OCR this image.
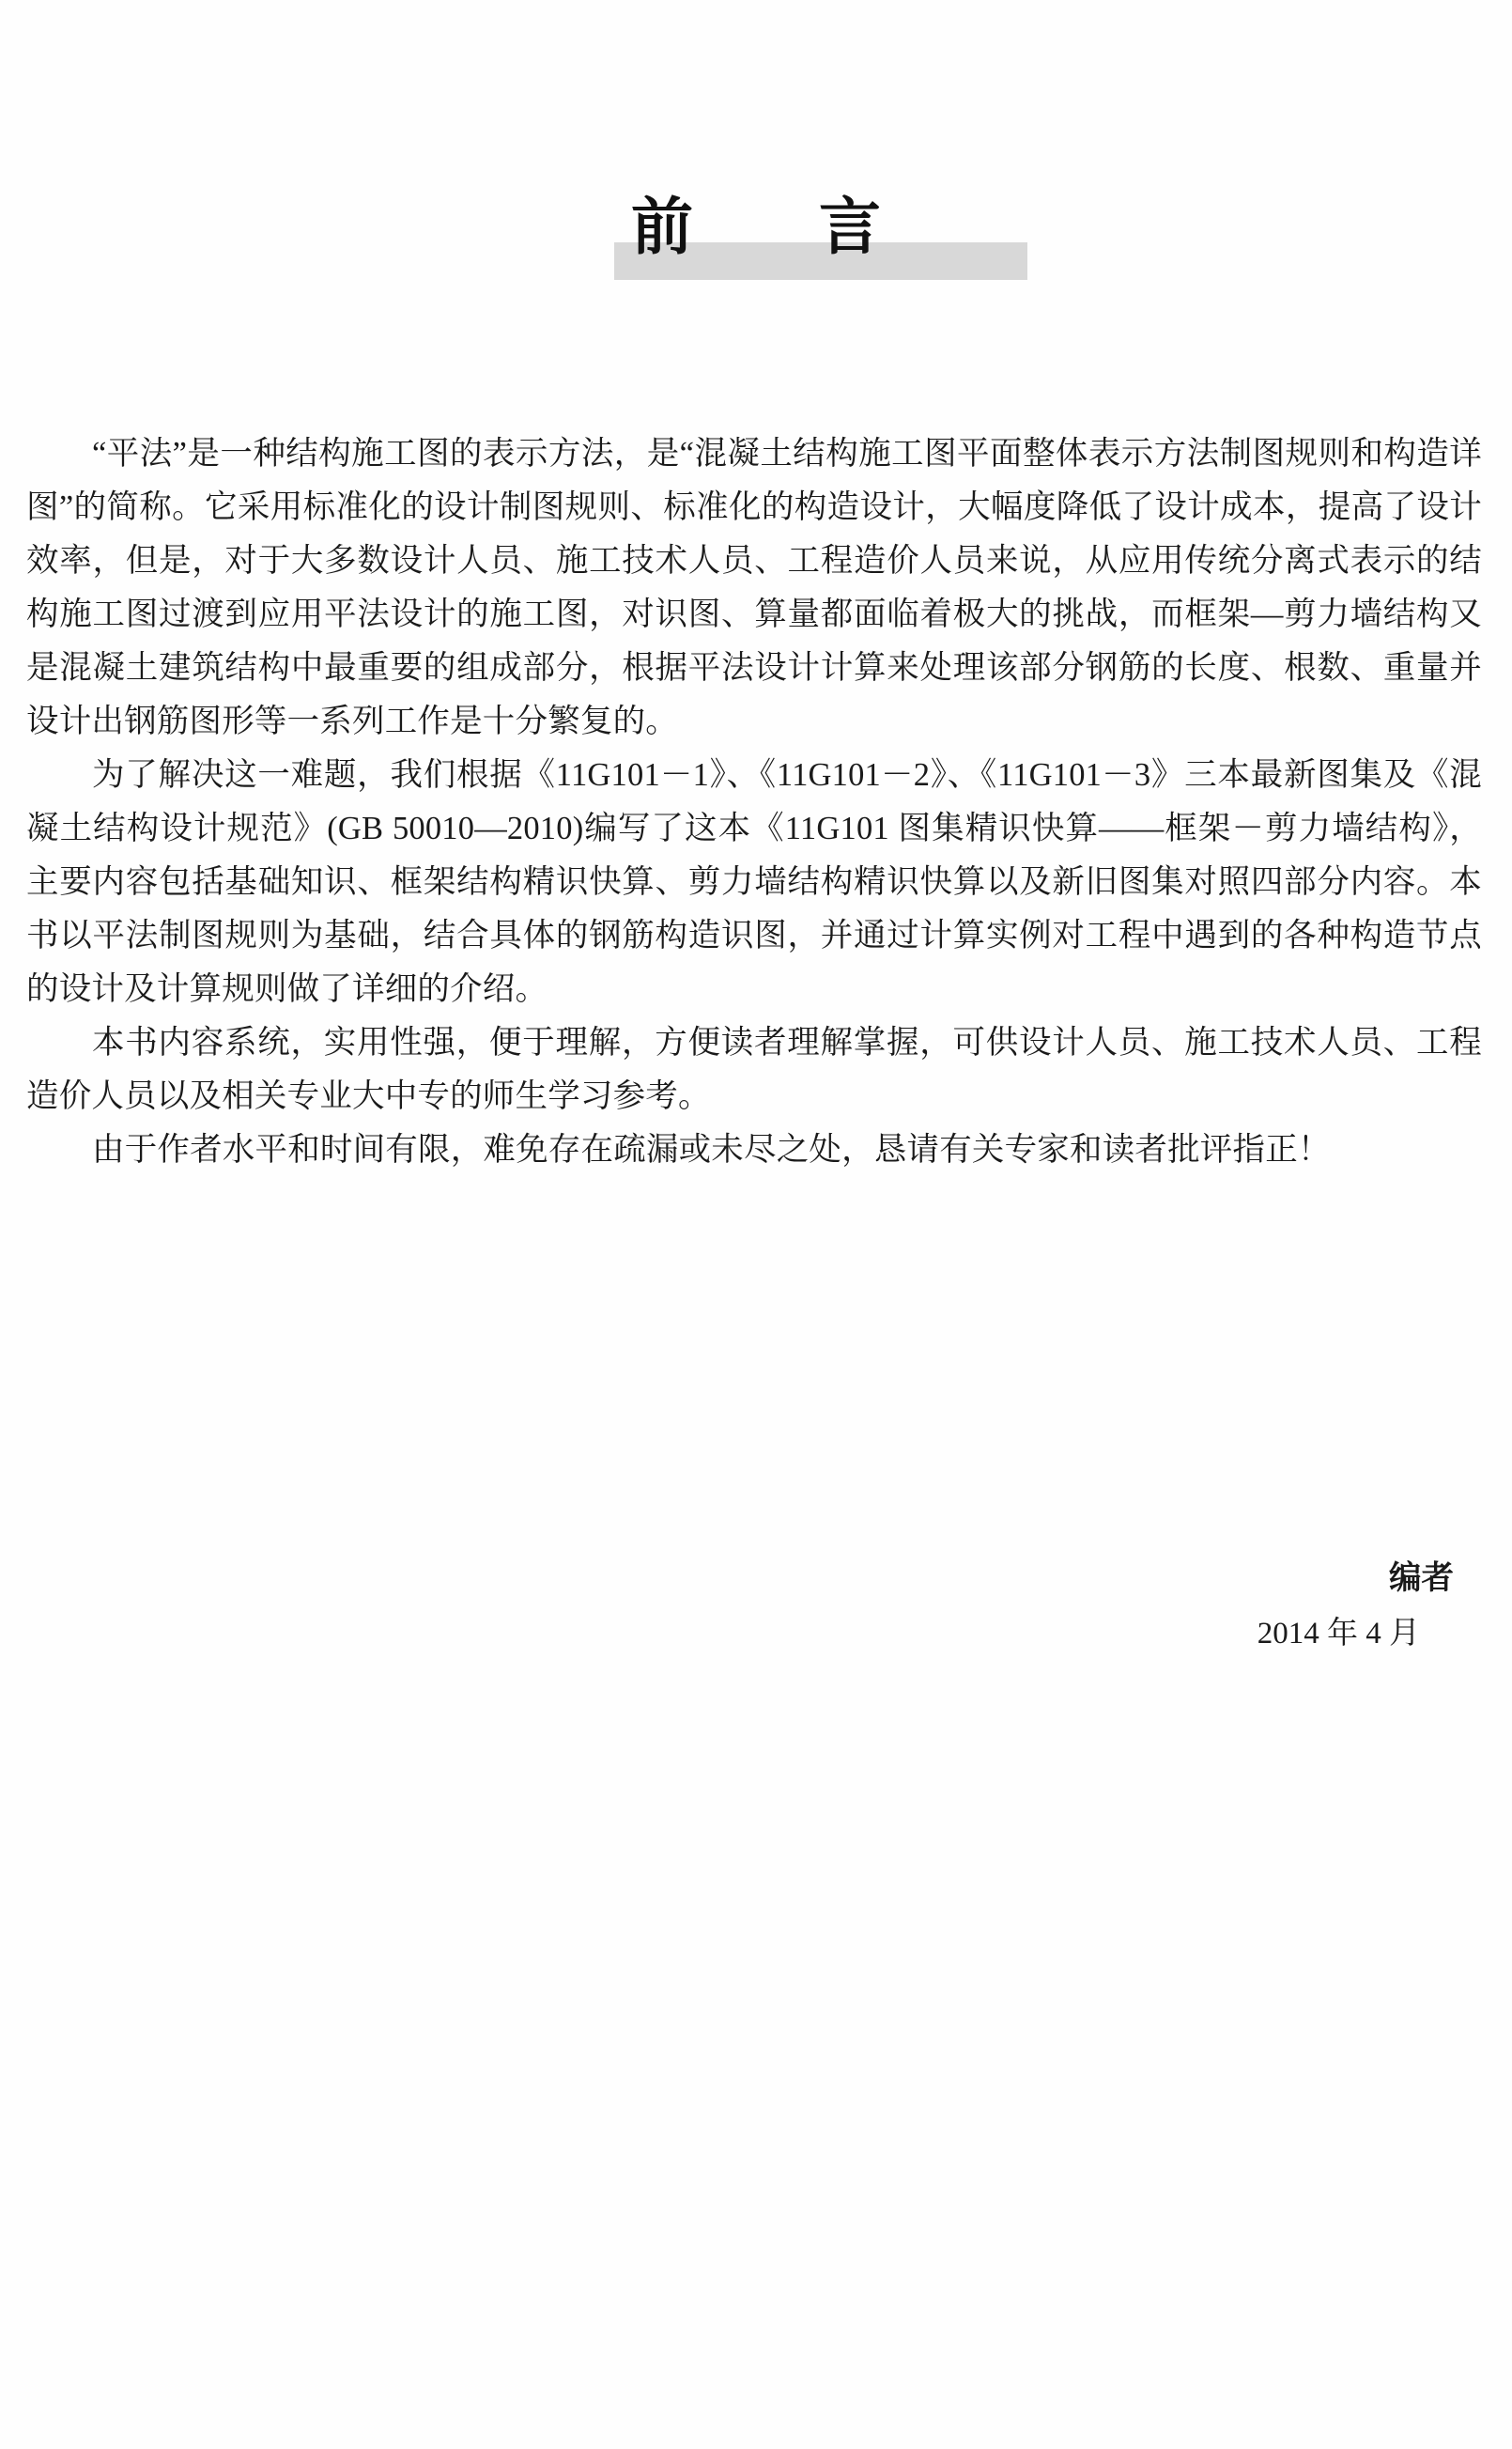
前　言

“平法”是一种结构施工图的表示方法，是“混凝土结构施工图平面整体表示方法制图规则和构造详图”的简称。它采用标准化的设计制图规则、标准化的构造设计，大幅度降低了设计成本，提高了设计效率，但是，对于大多数设计人员、施工技术人员、工程造价人员来说，从应用传统分离式表示的结构施工图过渡到应用平法设计的施工图，对识图、算量都面临着极大的挑战，而框架—剪力墙结构又是混凝土建筑结构中最重要的组成部分，根据平法设计计算来处理该部分钢筋的长度、根数、重量并设计出钢筋图形等一系列工作是十分繁复的。

为了解决这一难题，我们根据《11G101－1》、《11G101－2》、《11G101－3》三本最新图集及《混凝土结构设计规范》(GB 50010—2010)编写了这本《11G101 图集精识快算——框架－剪力墙结构》，主要内容包括基础知识、框架结构精识快算、剪力墙结构精识快算以及新旧图集对照四部分内容。本书以平法制图规则为基础，结合具体的钢筋构造识图，并通过计算实例对工程中遇到的各种构造节点的设计及计算规则做了详细的介绍。

本书内容系统，实用性强，便于理解，方便读者理解掌握，可供设计人员、施工技术人员、工程造价人员以及相关专业大中专的师生学习参考。

由于作者水平和时间有限，难免存在疏漏或未尽之处，恳请有关专家和读者批评指正！

编者
2014 年 4 月
